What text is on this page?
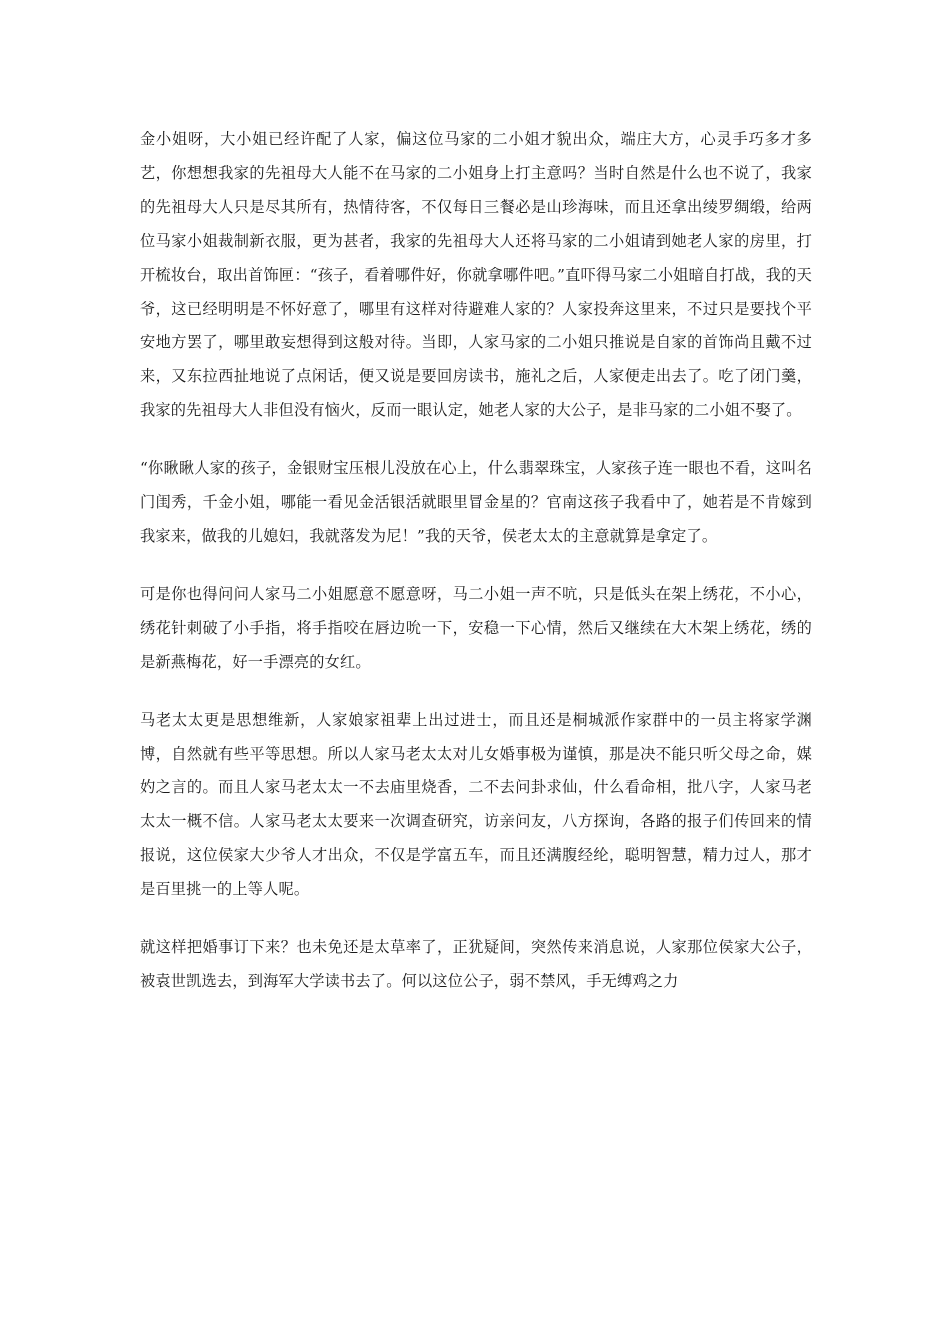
金小姐呀，大小姐已经许配了人家，偏这位马家的二小姐才貌出众，端庄大方，心灵手巧多才多艺，你想想我家的先祖母大人能不在马家的二小姐身上打主意吗？当时自然是什么也不说了，我家的先祖母大人只是尽其所有，热情待客，不仅每日三餐必是山珍海味，而且还拿出绫罗绸缎，给两位马家小姐裁制新衣服，更为甚者，我家的先祖母大人还将马家的二小姐请到她老人家的房里，打开梳妆台，取出首饰匣：“孩子，看着哪件好，你就拿哪件吧。”直吓得马家二小姐暗自打战，我的天爷，这已经明明是不怀好意了，哪里有这样对待避难人家的？人家投奔这里来，不过只是要找个平安地方罢了，哪里敢妄想得到这般对待。当即，人家马家的二小姐只推说是自家的首饰尚且戴不过来，又东拉西扯地说了点闲话，便又说是要回房读书，施礼之后，人家便走出去了。吃了闭门羹，我家的先祖母大人非但没有恼火，反而一眼认定，她老人家的大公子，是非马家的二小姐不娶了。

“你瞅瞅人家的孩子，金银财宝压根儿没放在心上，什么翡翠珠宝，人家孩子连一眼也不看，这叫名门闺秀，千金小姐，哪能一看见金活银活就眼里冒金星的？官南这孩子我看中了，她若是不肯嫁到我家来，做我的儿媳妇，我就落发为尼！”我的天爷，侯老太太的主意就算是拿定了。

可是你也得问问人家马二小姐愿意不愿意呀，马二小姐一声不吭，只是低头在架上绣花，不小心，绣花针刺破了小手指，将手指咬在唇边吮一下，安稳一下心情，然后又继续在大木架上绣花，绣的是新燕梅花，好一手漂亮的女红。

马老太太更是思想维新，人家娘家祖辈上出过进士，而且还是桐城派作家群中的一员主将家学渊博，自然就有些平等思想。所以人家马老太太对儿女婚事极为谨慎，那是决不能只听父母之命，媒妁之言的。而且人家马老太太一不去庙里烧香，二不去问卦求仙，什么看命相，批八字，人家马老太太一概不信。人家马老太太要来一次调查研究，访亲问友，八方探询，各路的报子们传回来的情报说，这位侯家大少爷人才出众，不仅是学富五车，而且还满腹经纶，聪明智慧，精力过人，那才是百里挑一的上等人呢。

就这样把婚事订下来？也未免还是太草率了，正犹疑间，突然传来消息说，人家那位侯家大公子，被袁世凯选去，到海军大学读书去了。何以这位公子，弱不禁风，手无缚鸡之力
